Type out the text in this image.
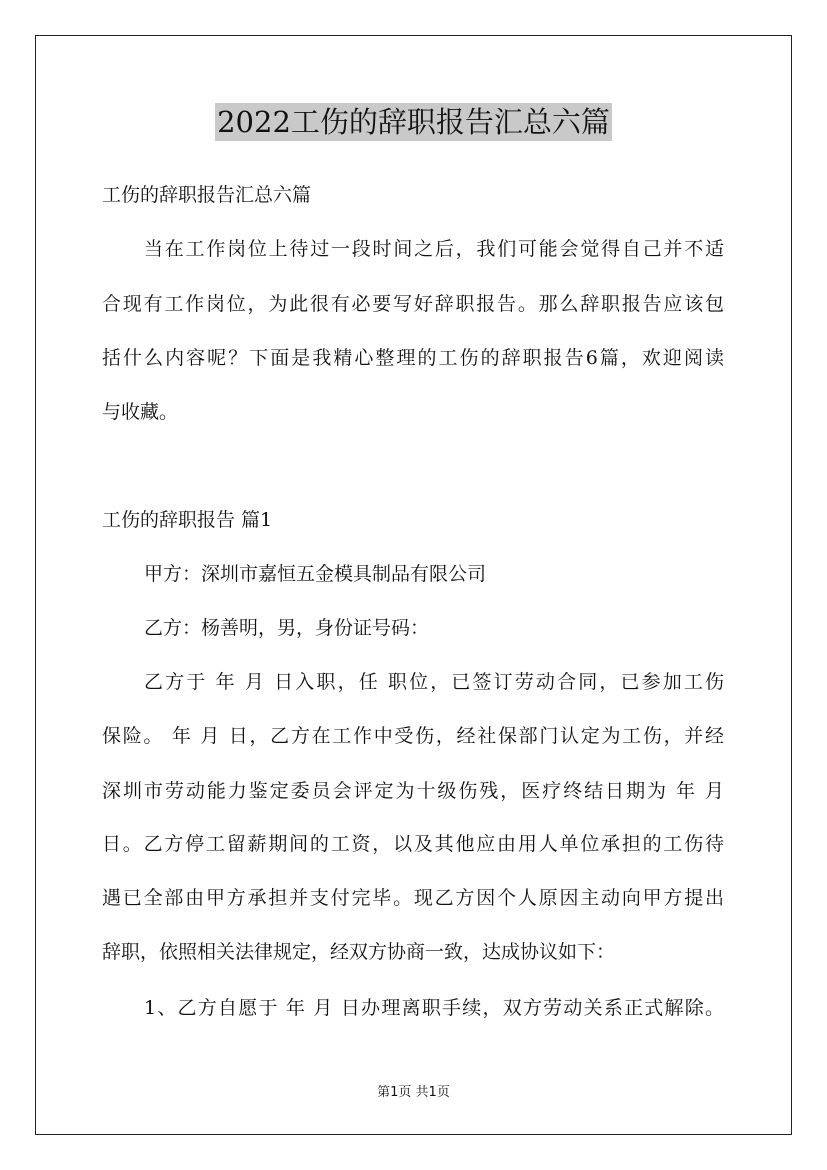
2022工伤的辞职报告汇总六篇
工伤的辞职报告汇总六篇
当在工作岗位上待过一段时间之后，我们可能会觉得自己并不适
合现有工作岗位，为此很有必要写好辞职报告。那么辞职报告应该包
括什么内容呢？下面是我精心整理的工伤的辞职报告6篇，欢迎阅读
与收藏。
工伤的辞职报告 篇1
甲方：深圳市嘉恒五金模具制品有限公司
乙方：杨善明，男，身份证号码：
乙方于 年 月 日入职，任 职位，已签订劳动合同，已参加工伤
保险。 年 月 日，乙方在工作中受伤，经社保部门认定为工伤，并经
深圳市劳动能力鉴定委员会评定为十级伤残，医疗终结日期为 年 月
日。乙方停工留薪期间的工资，以及其他应由用人单位承担的工伤待
遇已全部由甲方承担并支付完毕。现乙方因个人原因主动向甲方提出
辞职，依照相关法律规定，经双方协商一致，达成协议如下：
1、乙方自愿于 年 月 日办理离职手续，双方劳动关系正式解除。
第1页 共1页
